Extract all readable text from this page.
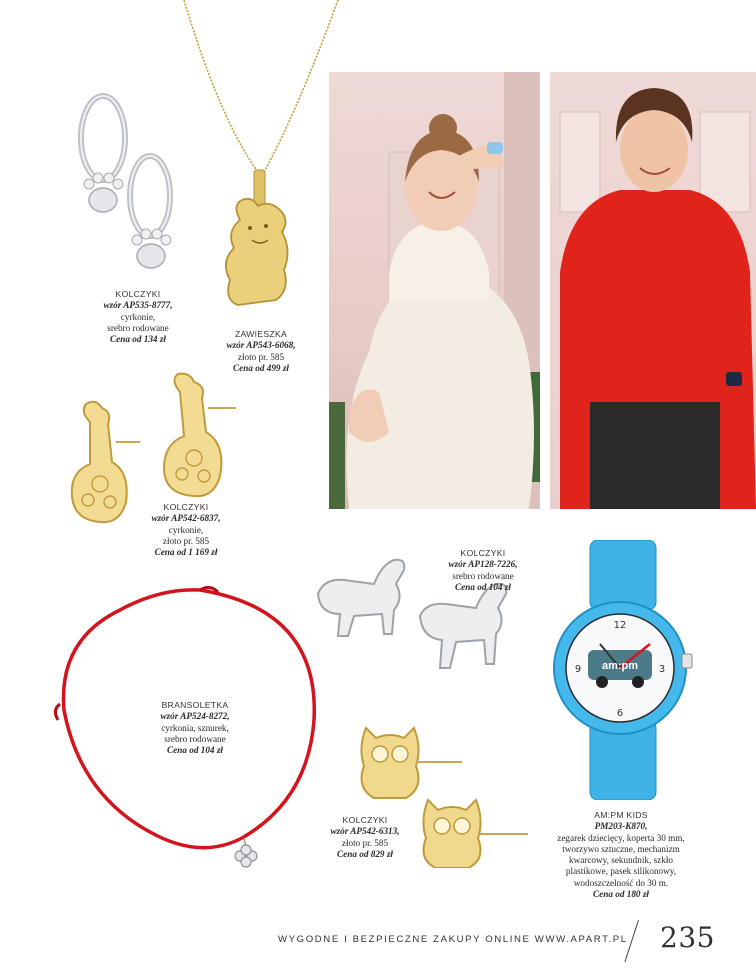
KOLCZYKI
wzór AP535-8777,
cyrkonie,
srebro rodowane
Cena od 134 zł
ZAWIESZKA
wzór AP543-6068,
złoto pr. 585
Cena od 499 zł
KOLCZYKI
wzór AP542-6837,
cyrkonie,
złoto pr. 585
Cena od 1 169 zł	KOLCZYKI
wzór AP128-7226,
srebro rodowane
Cena od 104 zł
BRANSOLETKA
wzór AP524-8272,
cyrkonia, sznurek,
srebro rodowane
Cena od 104 zł
KOLCZYKI
wzór AP542-6313,
złoto pr. 585
Cena od 829 zł
12
3
6
9	am:pm
AM:PM KIDS
PM203-K870,
zegarek dziecięcy, koperta 30 mm,
tworzywo sztuczne, mechanizm
kwarcowy, sekundnik, szkło
plastikowe, pasek silikonowy,
wodoszczelność do 30 m.
Cena od 180 zł
WYGODNE I BEZPIECZNE ZAKUPY ONLINE WWW.APART.PL 235
